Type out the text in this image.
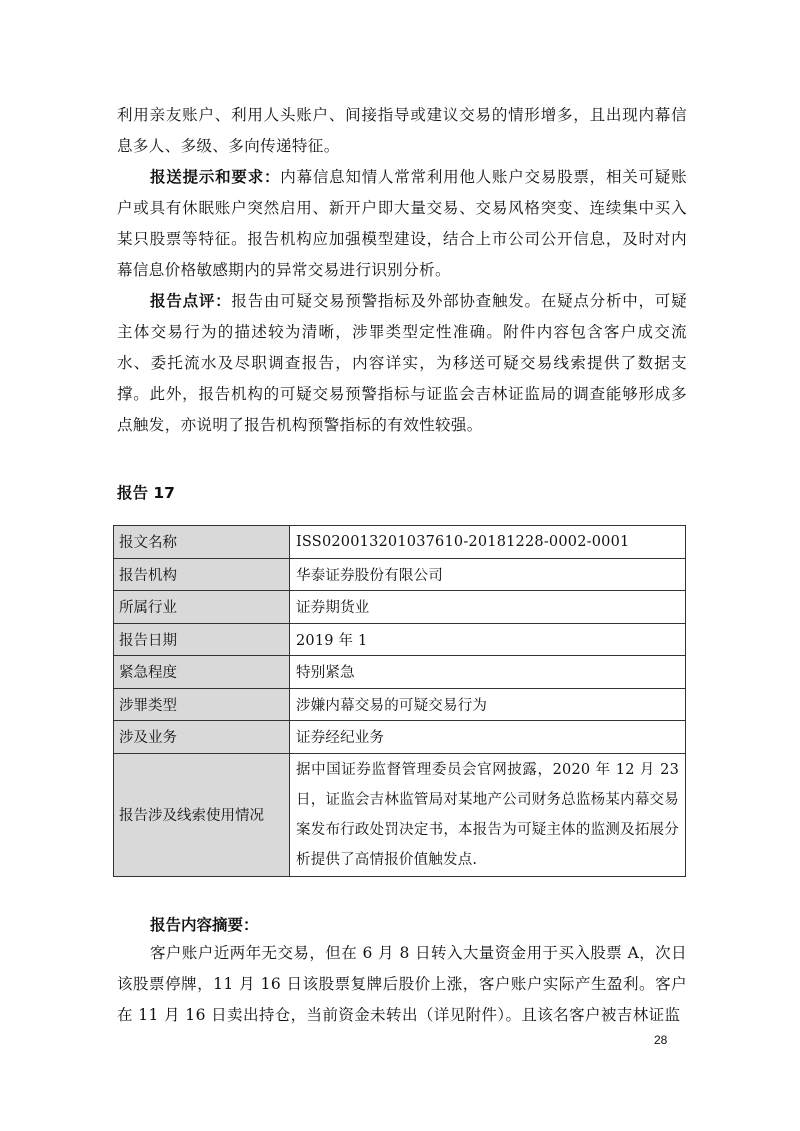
利用亲友账户、利用人头账户、间接指导或建议交易的情形增多，且出现内幕信息多人、多级、多向传递特征。

报送提示和要求：内幕信息知情人常常利用他人账户交易股票，相关可疑账户或具有休眠账户突然启用、新开户即大量交易、交易风格突变、连续集中买入某只股票等特征。报告机构应加强模型建设，结合上市公司公开信息，及时对内幕信息价格敏感期内的异常交易进行识别分析。

报告点评：报告由可疑交易预警指标及外部协查触发。在疑点分析中，可疑主体交易行为的描述较为清晰，涉罪类型定性准确。附件内容包含客户成交流水、委托流水及尽职调查报告，内容详实，为移送可疑交易线索提供了数据支撑。此外，报告机构的可疑交易预警指标与证监会吉林证监局的调查能够形成多点触发，亦说明了报告机构预警指标的有效性较强。

报告 17
报文名称	ISS020013201037610-20181228-0002-0001
报告机构	华泰证券股份有限公司
所属行业	证券期货业
报告日期	2019 年 1
紧急程度	特别紧急
涉罪类型	涉嫌内幕交易的可疑交易行为
涉及业务	证券经纪业务
报告涉及线索使用情况	据中国证券监督管理委员会官网披露，2020 年 12 月 23 日，证监会吉林监管局对某地产公司财务总监杨某内幕交易案发布行政处罚决定书，本报告为可疑主体的监测及拓展分析提供了高情报价值触发点.
报告内容摘要：

客户账户近两年无交易，但在 6 月 8 日转入大量资金用于买入股票 A，次日该股票停牌，11 月 16 日该股票复牌后股价上涨，客户账户实际产生盈利。客户在 11 月 16 日卖出持仓，当前资金未转出（详见附件）。且该名客户被吉林证监

28
